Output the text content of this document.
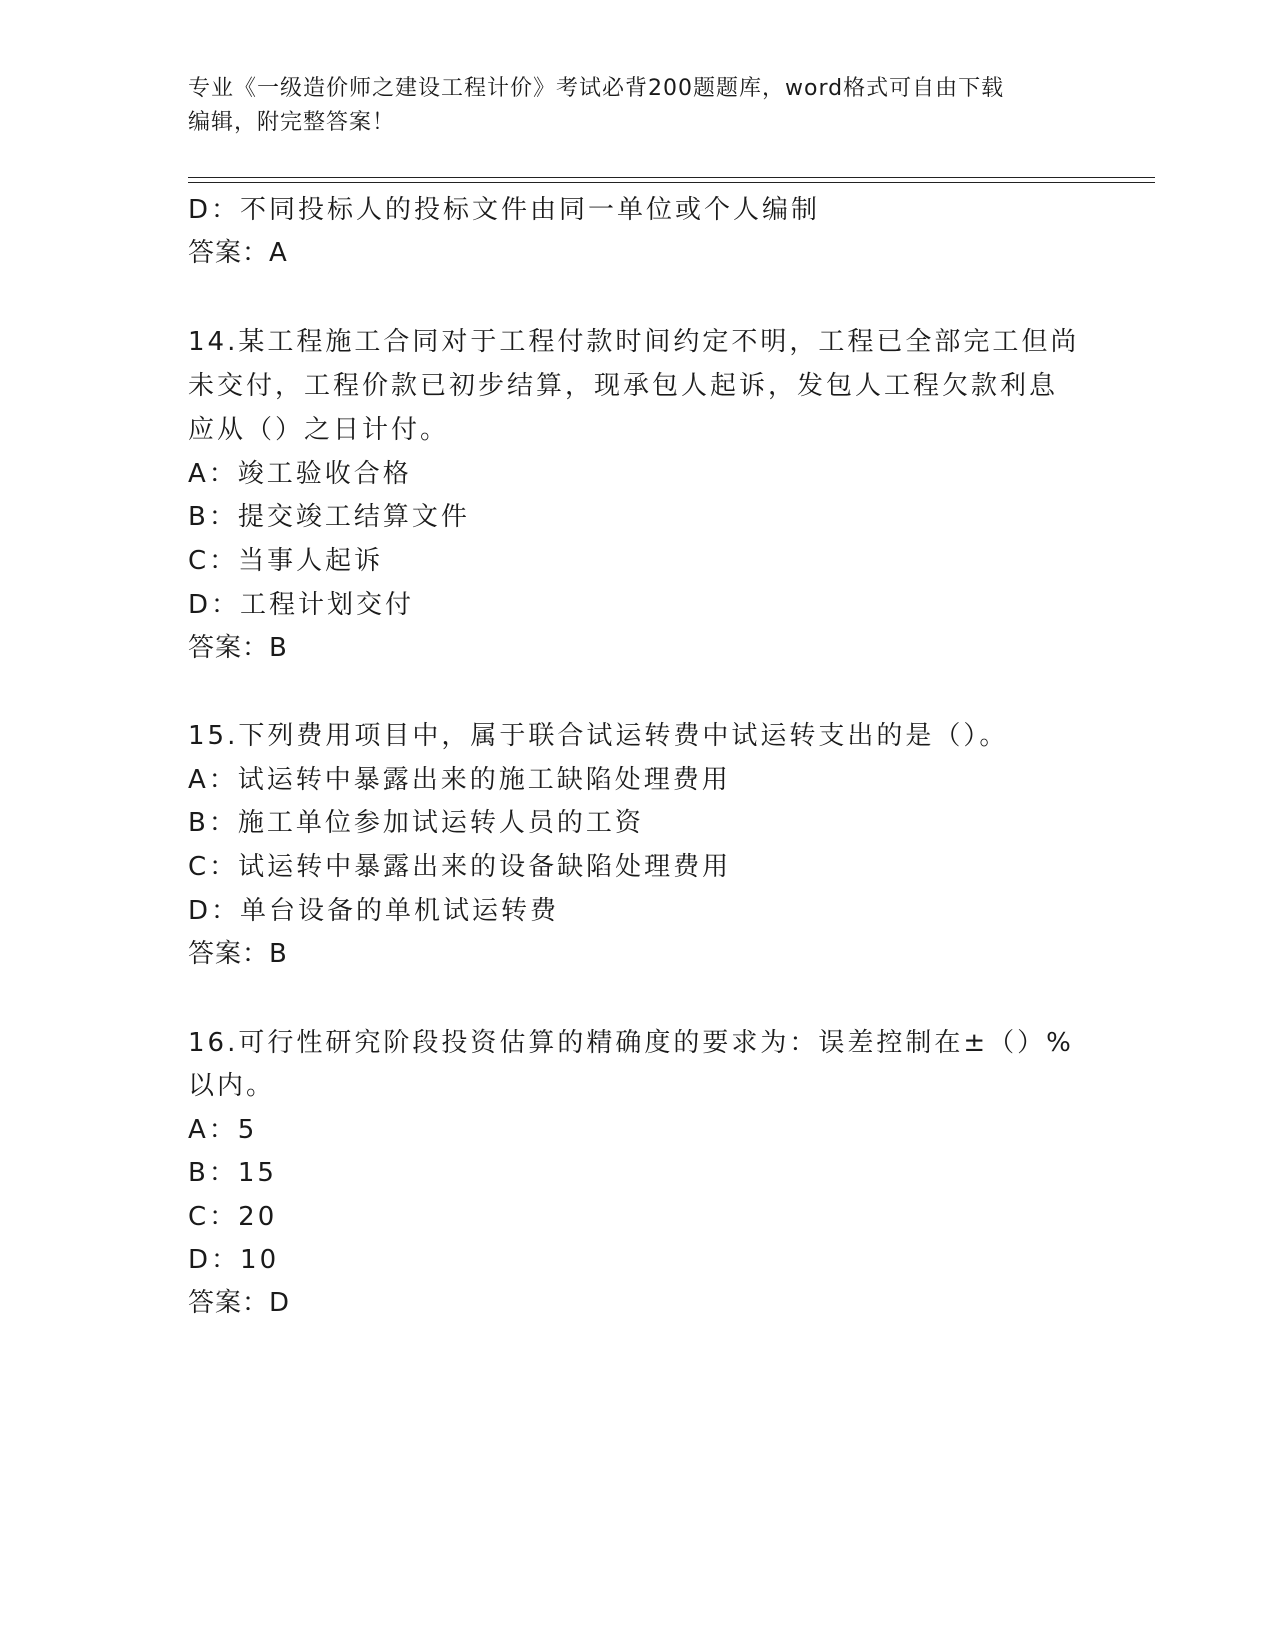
专业《一级造价师之建设工程计价》考试必背200题题库，word格式可自由下载
编辑，附完整答案！
D：不同投标人的投标文件由同一单位或个人编制
答案：A
14.某工程施工合同对于工程付款时间约定不明，工程已全部完工但尚
未交付，工程价款已初步结算，现承包人起诉，发包人工程欠款利息
应从（）之日计付。
A：竣工验收合格
B：提交竣工结算文件
C：当事人起诉
D：工程计划交付
答案：B
15.下列费用项目中，属于联合试运转费中试运转支出的是（）。
A：试运转中暴露出来的施工缺陷处理费用
B：施工单位参加试运转人员的工资
C：试运转中暴露出来的设备缺陷处理费用
D：单台设备的单机试运转费
答案：B
16.可行性研究阶段投资估算的精确度的要求为：误差控制在±（）%
以内。
A：5
B：15
C：20
D：10
答案：D
